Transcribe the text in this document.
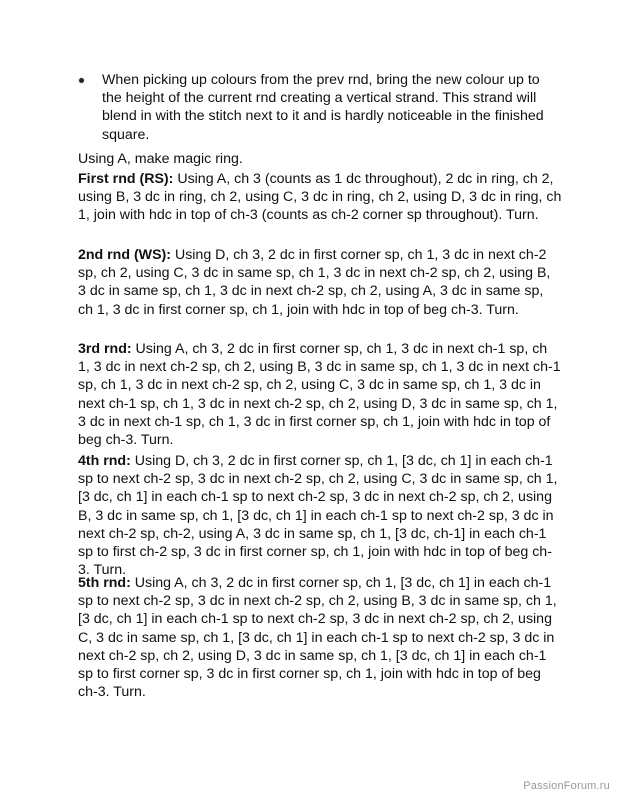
When picking up colours from the prev rnd, bring the new colour up to the height of the current rnd creating a vertical strand. This strand will blend in with the stitch next to it and is hardly noticeable in the finished square.

Using A, make magic ring.

First rnd (RS): Using A, ch 3 (counts as 1 dc throughout), 2 dc in ring, ch 2, using B, 3 dc in ring, ch 2, using C, 3 dc in ring, ch 2, using D, 3 dc in ring, ch 1, join with hdc in top of ch-3 (counts as ch-2 corner sp throughout). Turn.

2nd rnd (WS): Using D, ch 3, 2 dc in first corner sp, ch 1, 3 dc in next ch-2 sp, ch 2, using C, 3 dc in same sp, ch 1, 3 dc in next ch-2 sp, ch 2, using B, 3 dc in same sp, ch 1, 3 dc in next ch-2 sp, ch 2, using A, 3 dc in same sp, ch 1, 3 dc in first corner sp, ch 1, join with hdc in top of beg ch-3. Turn.

3rd rnd: Using A, ch 3, 2 dc in first corner sp, ch 1, 3 dc in next ch-1 sp, ch 1, 3 dc in next ch-2 sp, ch 2, using B, 3 dc in same sp, ch 1, 3 dc in next ch-1 sp, ch 1, 3 dc in next ch-2 sp, ch 2, using C, 3 dc in same sp, ch 1, 3 dc in next ch-1 sp, ch 1, 3 dc in next ch-2 sp, ch 2, using D, 3 dc in same sp, ch 1, 3 dc in next ch-1 sp, ch 1, 3 dc in first corner sp, ch 1, join with hdc in top of beg ch-3. Turn.

4th rnd: Using D, ch 3, 2 dc in first corner sp, ch 1, [3 dc, ch 1] in each ch-1 sp to next ch-2 sp, 3 dc in next ch-2 sp, ch 2, using C, 3 dc in same sp, ch 1, [3 dc, ch 1] in each ch-1 sp to next ch-2 sp, 3 dc in next ch-2 sp, ch 2, using B, 3 dc in same sp, ch 1, [3 dc, ch 1] in each ch-1 sp to next ch-2 sp, 3 dc in next ch-2 sp, ch-2, using A, 3 dc in same sp, ch 1, [3 dc, ch-1] in each ch-1 sp to first ch-2 sp, 3 dc in first corner sp, ch 1, join with hdc in top of beg ch-3. Turn.

5th rnd: Using A, ch 3, 2 dc in first corner sp, ch 1, [3 dc, ch 1] in each ch-1 sp to next ch-2 sp, 3 dc in next ch-2 sp, ch 2, using B, 3 dc in same sp, ch 1, [3 dc, ch 1] in each ch-1 sp to next ch-2 sp, 3 dc in next ch-2 sp, ch 2, using C, 3 dc in same sp, ch 1, [3 dc, ch 1] in each ch-1 sp to next ch-2 sp, 3 dc in next ch-2 sp, ch 2, using D, 3 dc in same sp, ch 1, [3 dc, ch 1] in each ch-1 sp to first corner sp, 3 dc in first corner sp, ch 1, join with hdc in top of beg ch-3. Turn.

PassionForum.ru
